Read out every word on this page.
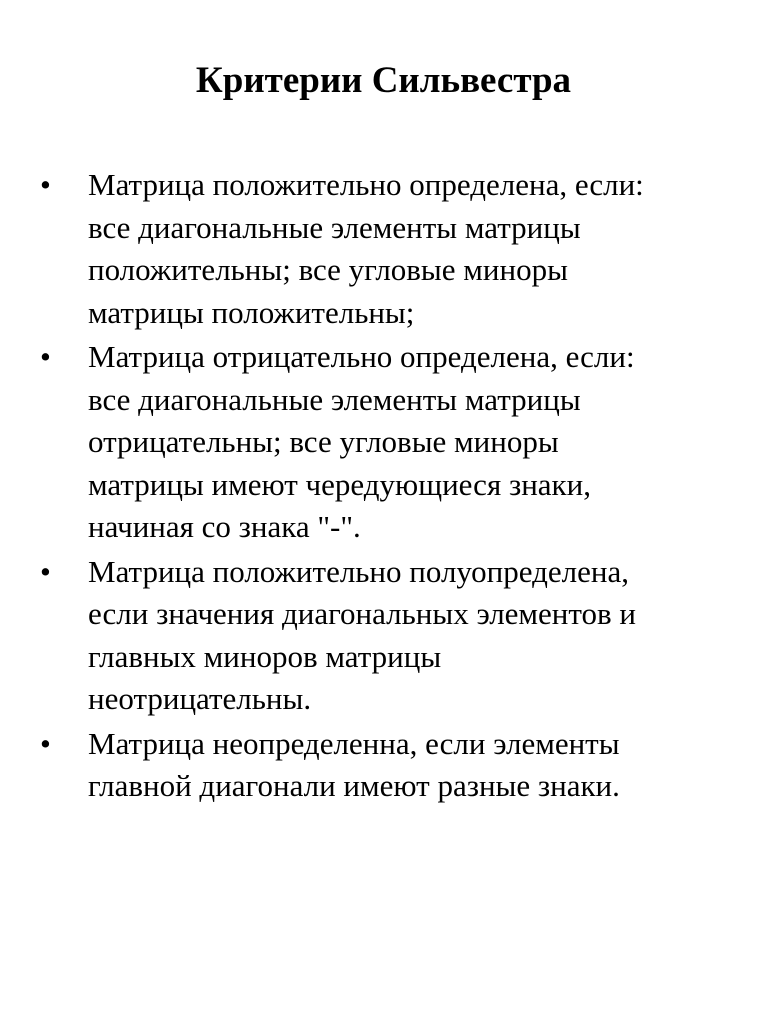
Критерии Сильвестра
• Матрица положительно определена, если:
все диагональные элементы матрицы
положительны; все угловые миноры
матрицы положительны;
• Матрица отрицательно определена, если:
все диагональные элементы матрицы
отрицательны; все угловые миноры
матрицы имеют чередующиеся знаки,
начиная со знака "-".
• Матрица положительно полуопределена,
если значения диагональных элементов и
главных миноров матрицы
неотрицательны.
• Матрица неопределенна, если элементы
главной диагонали имеют разные знаки.
